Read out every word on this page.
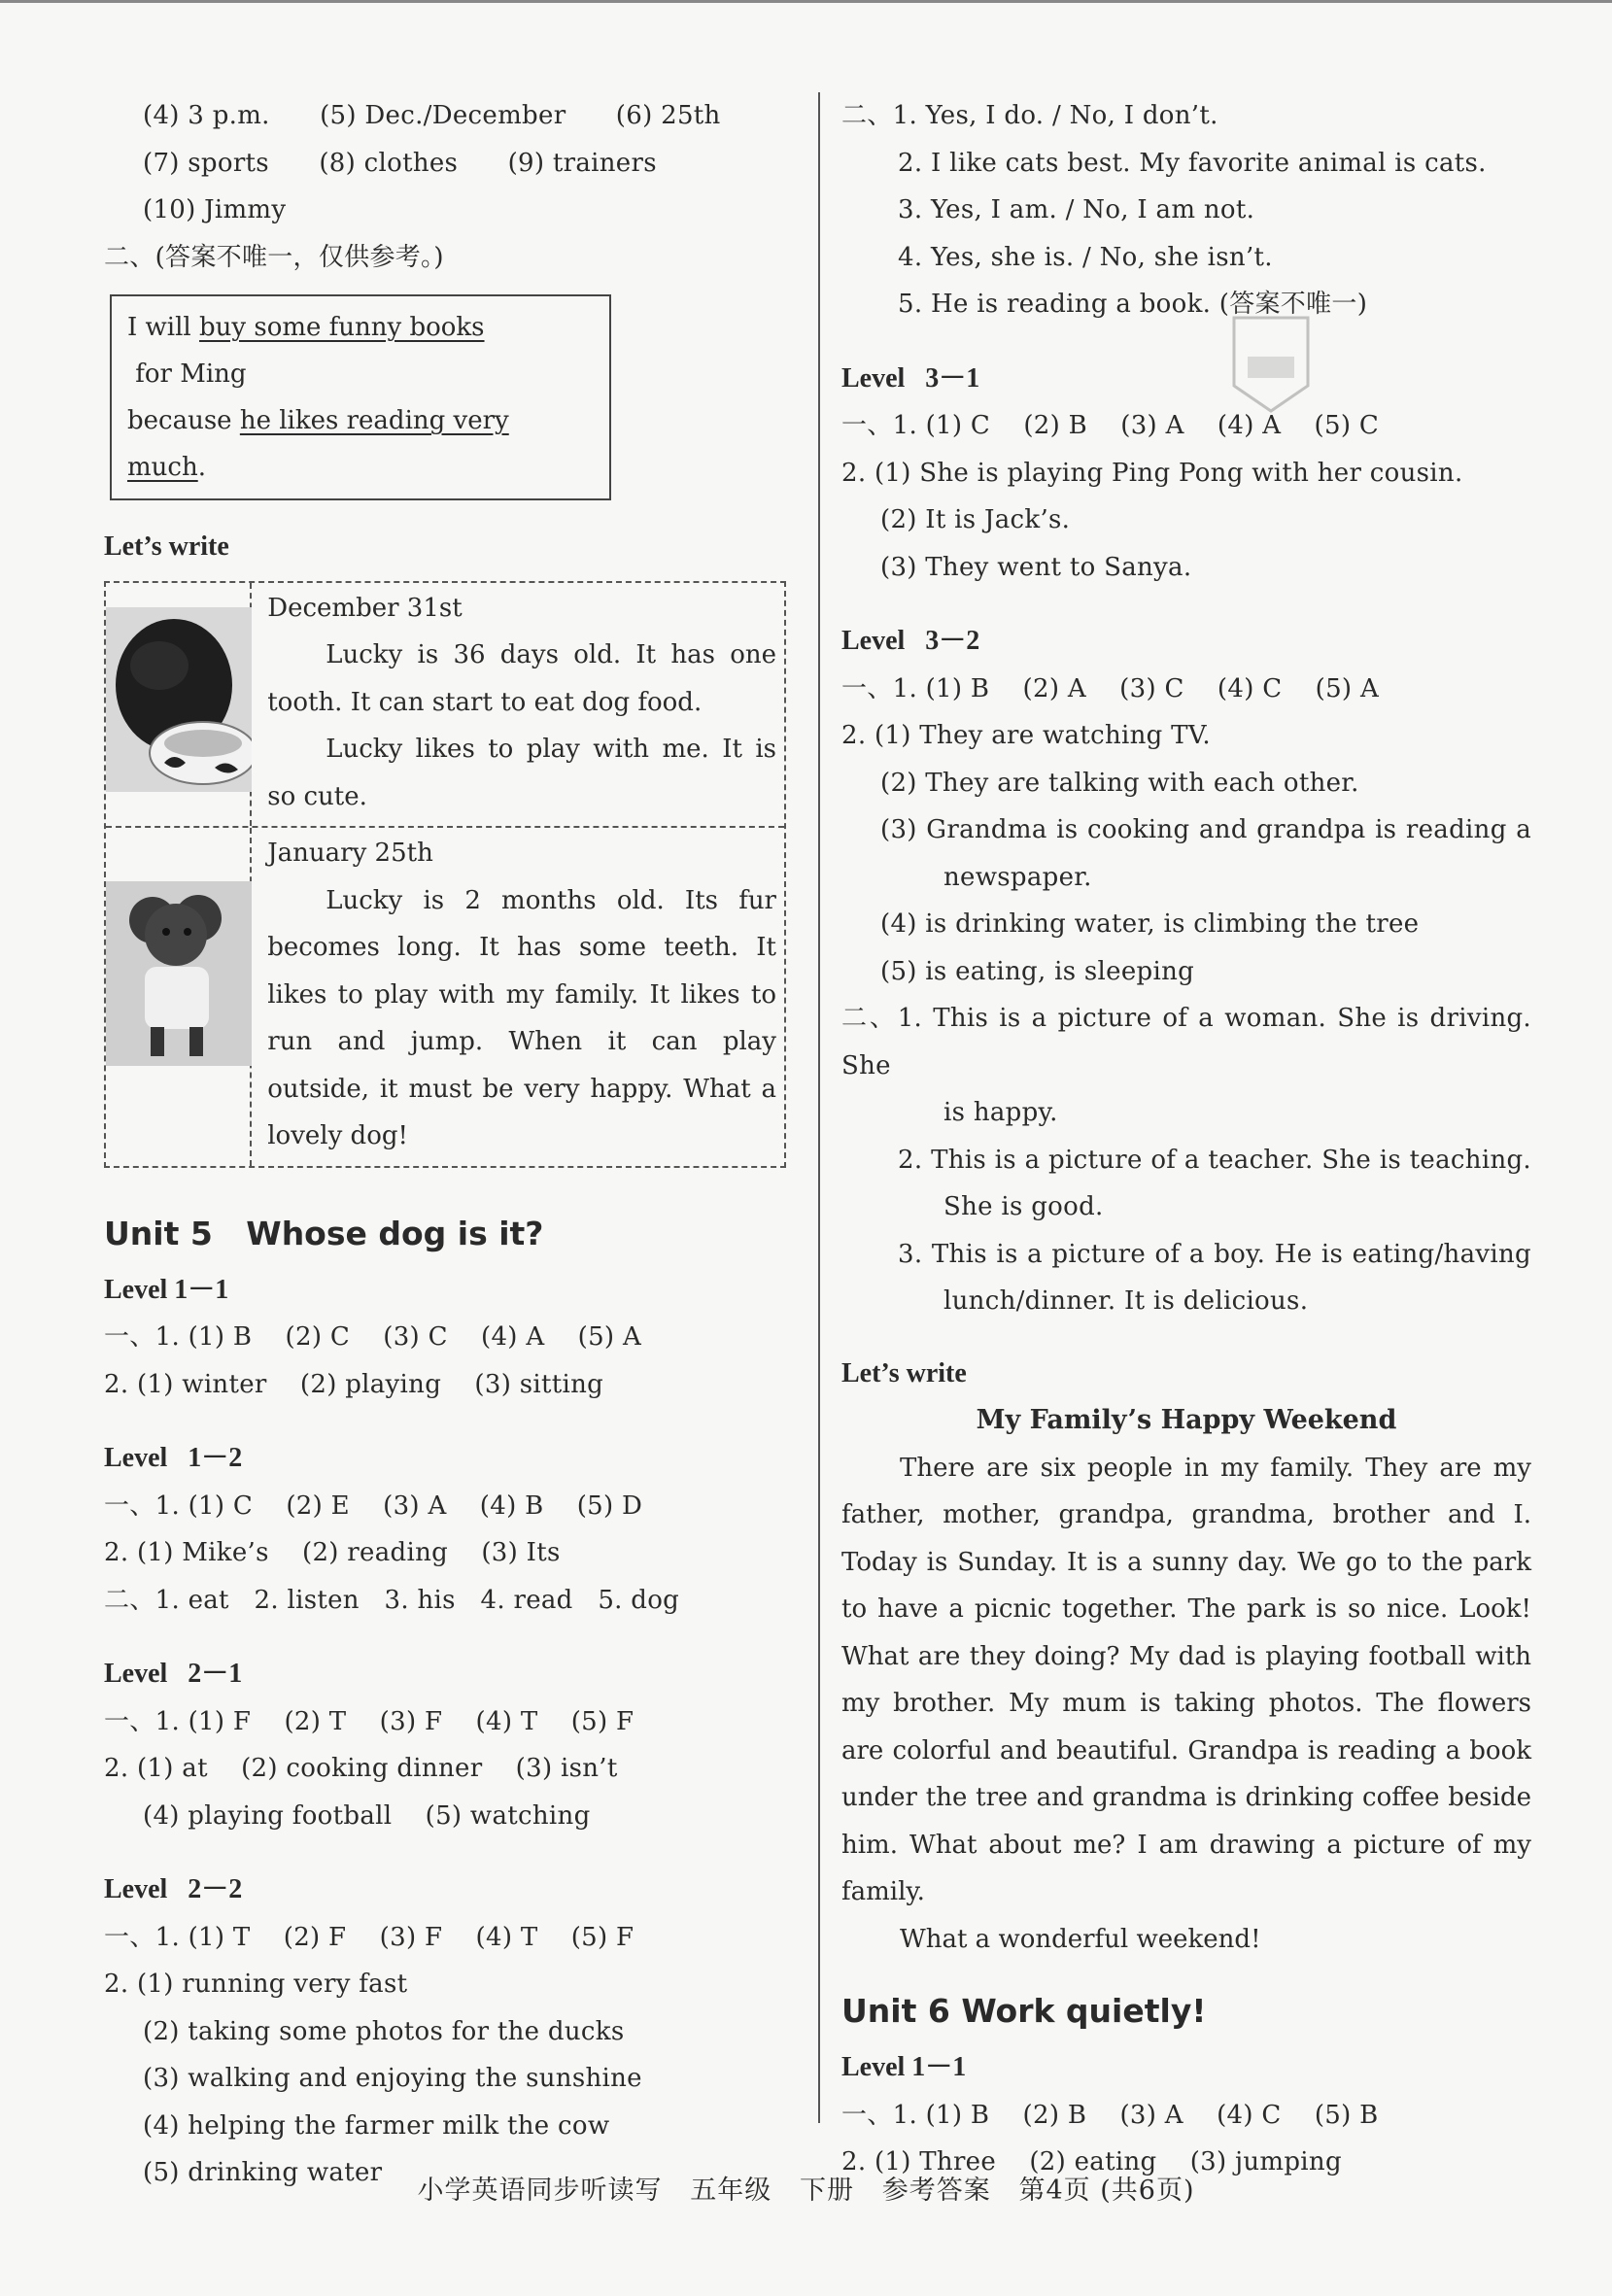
(4) 3 p.m.      (5) Dec./December      (6) 25th
(7) sports      (8) clothes      (9) trainers
(10) Jimmy
二、(答案不唯一，仅供参考。)
I will buy some funny books for Ming
because he likes reading very much.
Let’s write
December 31st
Lucky is 36 days old. It has one tooth. It can start to eat dog food.
Lucky likes to play with me. It is so cute.
January 25th
Lucky is 2 months old. Its fur becomes long. It has some teeth. It likes to play with my family. It likes to run and jump. When it can play outside, it must be very happy. What a lovely dog!
Unit 5   Whose dog is it?
Level 1－1
一、1. (1) B    (2) C    (3) C    (4) A    (5) A
2. (1) winter    (2) playing    (3) sitting
Level   1－2
一、1. (1) C    (2) E    (3) A    (4) B    (5) D
2. (1) Mike’s    (2) reading    (3) Its
二、1. eat   2. listen   3. his   4. read   5. dog
Level   2－1
一、1. (1) F    (2) T    (3) F    (4) T    (5) F
2. (1) at    (2) cooking dinner    (3) isn’t
(4) playing football    (5) watching
Level   2－2
一、1. (1) T    (2) F    (3) F    (4) T    (5) F
2. (1) running very fast
(2) taking some photos for the ducks
(3) walking and enjoying the sunshine
(4) helping the farmer milk the cow
(5) drinking water
二、1. Yes, I do. / No, I don’t.
2. I like cats best. My favorite animal is cats.
3. Yes, I am. / No, I am not.
4. Yes, she is. / No, she isn’t.
5. He is reading a book. (答案不唯一)
Level   3－1
一、1. (1) C    (2) B    (3) A    (4) A    (5) C
2. (1) She is playing Ping Pong with her cousin.
(2) It is Jack’s.
(3) They went to Sanya.
Level   3－2
一、1. (1) B    (2) A    (3) C    (4) C    (5) A
2. (1) They are watching TV.
(2) They are talking with each other.
(3) Grandma is cooking and grandpa is reading a
newspaper.
(4) is drinking water, is climbing the tree
(5) is eating, is sleeping
二、1. This is a picture of a woman. She is driving. She
is happy.
2. This is a picture of a teacher. She is teaching.
She is good.
3. This is a picture of a boy. He is eating/having
lunch/dinner. It is delicious.
Let’s write
My Family’s Happy Weekend

There are six people in my family. They are my father, mother, grandpa, grandma, brother and I. Today is Sunday. It is a sunny day. We go to the park to have a picnic together. The park is so nice. Look! What are they doing? My dad is playing football with my brother. My mum is taking photos. The flowers are colorful and beautiful. Grandpa is reading a book under the tree and grandma is drinking coffee beside him. What about me? I am drawing a picture of my family.

What a wonderful weekend!

Unit 6 Work quietly!
Level 1－1
一、1. (1) B    (2) B    (3) A    (4) C    (5) B
2. (1) Three    (2) eating    (3) jumping
小学英语同步听读写   五年级   下册   参考答案   第4页 (共6页)
